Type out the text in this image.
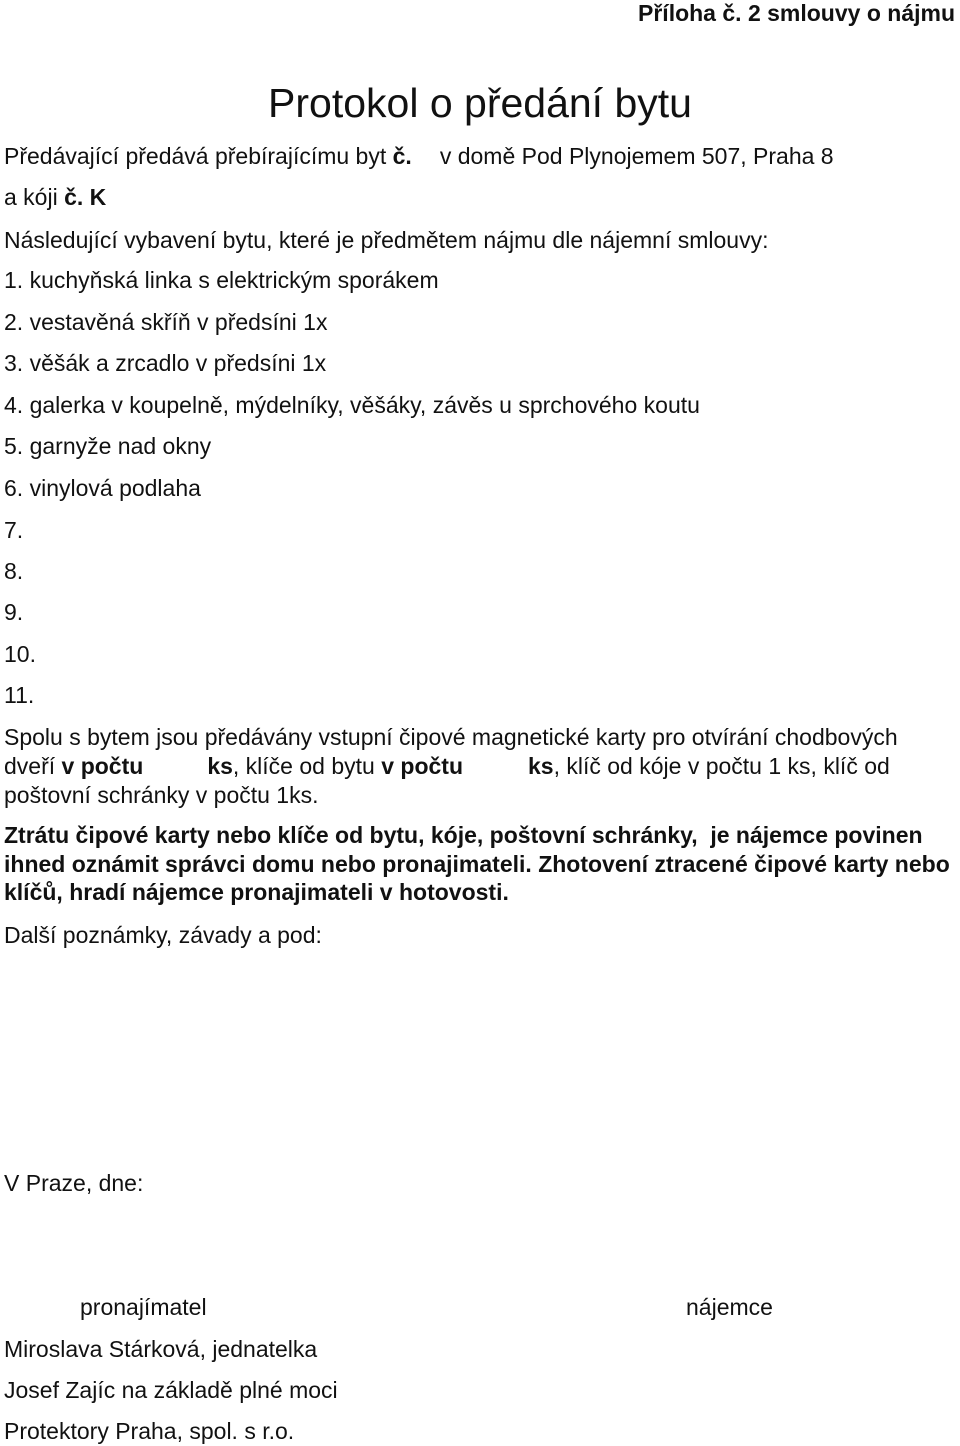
Příloha č. 2 smlouvy o nájmu
Protokol o předání bytu
Předávající předává přebírajícímu byt č. v domě Pod Plynojemem 507, Praha 8
a kóji č. K
Následující vybavení bytu, které je předmětem nájmu dle nájemní smlouvy:
1. kuchyňská linka s elektrickým sporákem
2. vestavěná skříň v předsíni 1x
3. věšák a zrcadlo v předsíni 1x
4. galerka v koupelně, mýdelníky, věšáky, závěs u sprchového koutu
5. garnyže nad okny
6. vinylová podlaha
7.
8.
9.
10.
11.
Spolu s bytem jsou předávány vstupní čipové magnetické karty pro otvírání chodbových
dveří v počtu	ks, klíče od bytu v počtu	ks, klíč od kóje v počtu 1 ks, klíč od
poštovní schránky v počtu 1ks.
Ztrátu čipové karty nebo klíče od bytu, kóje, poštovní schránky,  je nájemce povinen
ihned oznámit správci domu nebo pronajimateli. Zhotovení ztracené čipové karty nebo
klíčů, hradí nájemce pronajimateli v hotovosti.
Další poznámky, závady a pod:
V Praze, dne:
pronajímatel	nájemce
Miroslava Stárková, jednatelka
Josef Zajíc na základě plné moci
Protektory Praha, spol. s r.o.
